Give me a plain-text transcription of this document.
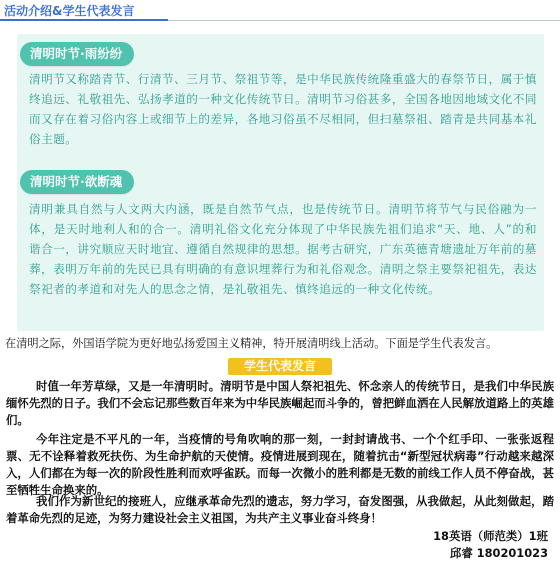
活动介绍&学生代表发言
清明时节·雨纷纷
清明节又称踏青节、行清节、三月节、祭祖节等，是中华民族传统隆重盛大的春祭节日，属于慎终追远、礼敬祖先、弘扬孝道的一种文化传统节日。清明节习俗甚多，全国各地因地域文化不同而又存在着习俗内容上或细节上的差异，各地习俗虽不尽相同，但扫墓祭祖、踏青是共同基本礼俗主题。
清明时节·欲断魂
清明兼具自然与人文两大内涵，既是自然节气点，也是传统节日。清明节将节气与民俗融为一体，是天时地利人和的合一。清明礼俗文化充分体现了中华民族先祖们追求“天、地、人”的和谐合一，讲究顺应天时地宜、遵循自然规律的思想。据考古研究，广东英德青塘遗址万年前的墓葬，表明万年前的先民已具有明确的有意识埋葬行为和礼俗观念。清明之祭主要祭祀祖先，表达祭祀者的孝道和对先人的思念之情，是礼敬祖先、慎终追远的一种文化传统。
在清明之际，外国语学院为更好地弘扬爱国主义精神，特开展清明线上活动。下面是学生代表发言。
学生代表发言
时值一年芳草绿，又是一年清明时。清明节是中国人祭祀祖先、怀念亲人的传统节日，是我们中华民族缅怀先烈的日子。我们不会忘记那些数百年来为中华民族崛起而斗争的，曾把鲜血洒在人民解放道路上的英雄们。
今年注定是不平凡的一年，当疫情的号角吹响的那一刻，一封封请战书、一个个红手印、一张张返程票、无不诠释着救死扶伤、为生命护航的天使情。疫情进展到现在，随着抗击“新型冠状病毒”行动越来越深入，人们都在为每一次的阶段性胜利而欢呼雀跃。而每一次微小的胜利都是无数的前线工作人员不停奋战，甚至牺牲生命换来的。
我们作为新世纪的接班人，应继承革命先烈的遗志，努力学习，奋发图强，从我做起，从此刻做起，踏着革命先烈的足迹，为努力建设社会主义祖国，为共产主义事业奋斗终身！
18英语（师范类）1班
邱睿 180201023
